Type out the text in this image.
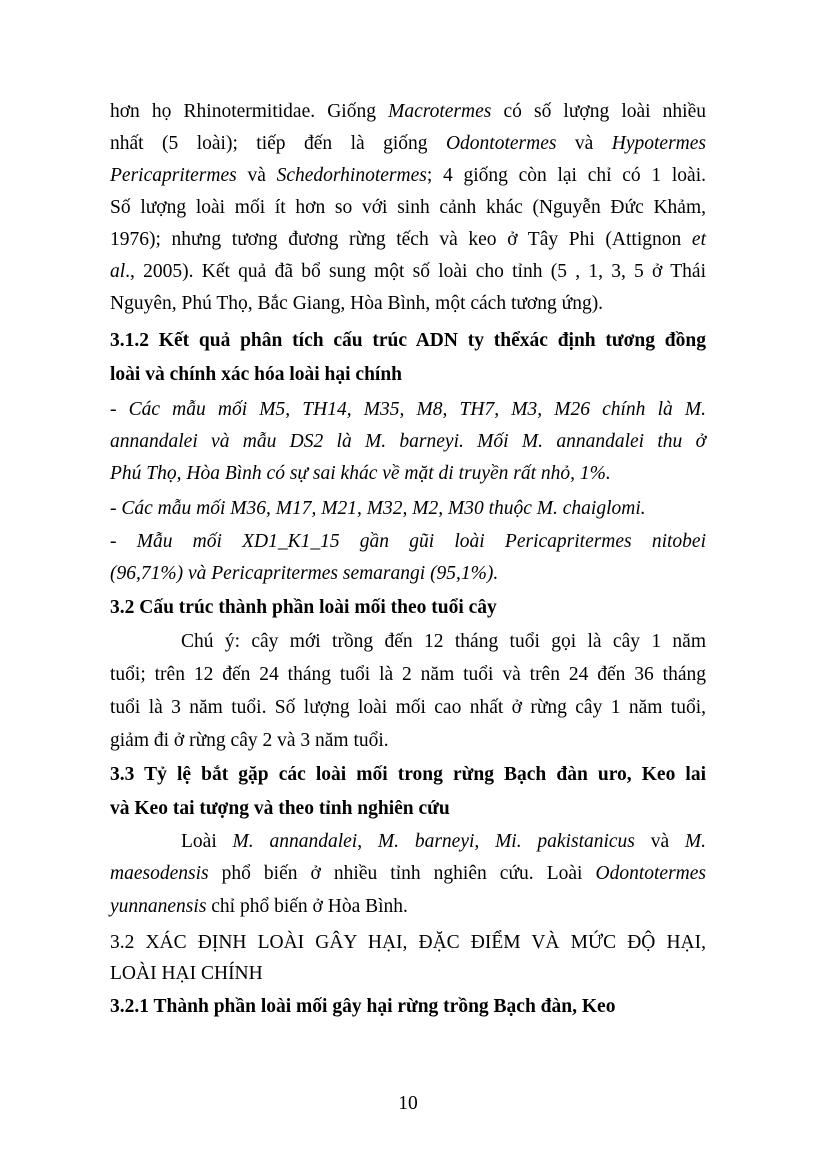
hơn họ Rhinotermitidae. Giống Macrotermes có số lượng loài nhiều
nhất (5 loài); tiếp đến là giống Odontotermes và Hypotermes
Pericapritermes và Schedorhinotermes; 4 giống còn lại chỉ có 1 loài.
Số lượng loài mối ít hơn so với sinh cảnh khác (Nguyễn Đức Khảm,
1976); nhưng tương đương rừng tếch và keo ở Tây Phi (Attignon et
al., 2005). Kết quả đã bổ sung một số loài cho tỉnh (5 , 1, 3, 5 ở Thái
Nguyên, Phú Thọ, Bắc Giang, Hòa Bình, một cách tương ứng).
3.1.2 Kết quả phân tích cấu trúc ADN ty thểxác định tương đồng
loài và chính xác hóa loài hại chính
- Các mẫu mối M5, TH14, M35, M8, TH7, M3, M26 chính là M.
annandalei và mẫu DS2 là M. barneyi. Mối M. annandalei thu ở
Phú Thọ, Hòa Bình có sự sai khác về mặt di truyền rất nhỏ, 1%.
- Các mẫu mối M36, M17, M21, M32, M2, M30 thuộc M. chaiglomi.
- Mẫu mối XD1_K1_15 gần gũi loài Pericapritermes nitobei
(96,71%) và Pericapritermes semarangi (95,1%).
3.2 Cấu trúc thành phần loài mối theo tuổi cây
Chú ý: cây mới trồng đến 12 tháng tuổi gọi là cây 1 năm
tuổi; trên 12 đến 24 tháng tuổi là 2 năm tuổi và trên 24 đến 36 tháng
tuổi là 3 năm tuổi. Số lượng loài mối cao nhất ở rừng cây 1 năm tuổi,
giảm đi ở rừng cây 2 và 3 năm tuổi.
3.3 Tỷ lệ bắt gặp các loài mối trong rừng Bạch đàn uro, Keo lai
và Keo tai tượng và theo tỉnh nghiên cứu
Loài M. annandalei, M. barneyi, Mi. pakistanicus và M.
maesodensis phổ biến ở nhiều tỉnh nghiên cứu. Loài Odontotermes
yunnanensis chỉ phổ biến ở Hòa Bình.
3.2 XÁC ĐỊNH LOÀI GÂY HẠI, ĐẶC ĐIỂM VÀ MỨC ĐỘ HẠI,
LOÀI HẠI CHÍNH
3.2.1 Thành phần loài mối gây hại rừng trồng Bạch đàn, Keo
10
